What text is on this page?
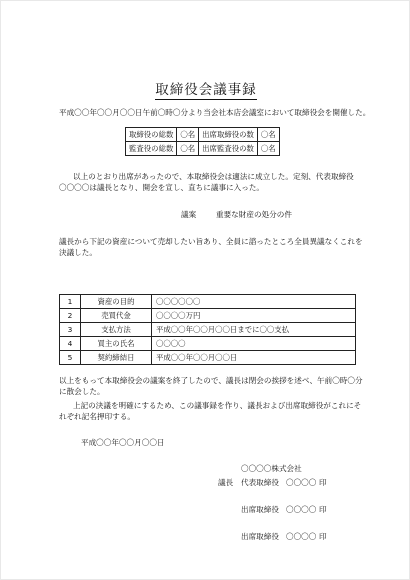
取締役会議事録
平成〇〇年〇〇月〇〇日午前〇時〇分より当会社本店会議室において取締役会を開催した。
取締役の総数	〇名	出席取締役の数	〇名
監査役の総数	〇名	出席監査役の数	〇名
以上のとおり出席があったので、本取締役会は適法に成立した。定刻、代表取締役
〇〇〇〇は議長となり、開会を宣し、直ちに議事に入った。
議案	重要な財産の処分の件
議長から下記の資産について売却したい旨あり、全員に諮ったところ全員異議なくこれを
決議した。
1	資産の目的	〇〇〇〇〇〇
2	売買代金	〇〇〇〇万円
3	支払方法	平成〇〇年〇〇月〇〇日までに〇〇支払
4	買主の氏名	〇〇〇〇
5	契約締結日	平成〇〇年〇〇月〇〇日
以上をもって本取締役会の議案を終了したので、議長は閉会の挨拶を述べ、午前〇時〇分
に散会した。
上記の決議を明確にするため、この議事録を作り、議長および出席取締役がこれにそ
れぞれ記名押印する。
平成〇〇年〇〇月〇〇日
〇〇〇〇株式会社
議長 代表取締役 〇〇〇〇 印
出席取締役 〇〇〇〇 印
出席取締役 〇〇〇〇 印
